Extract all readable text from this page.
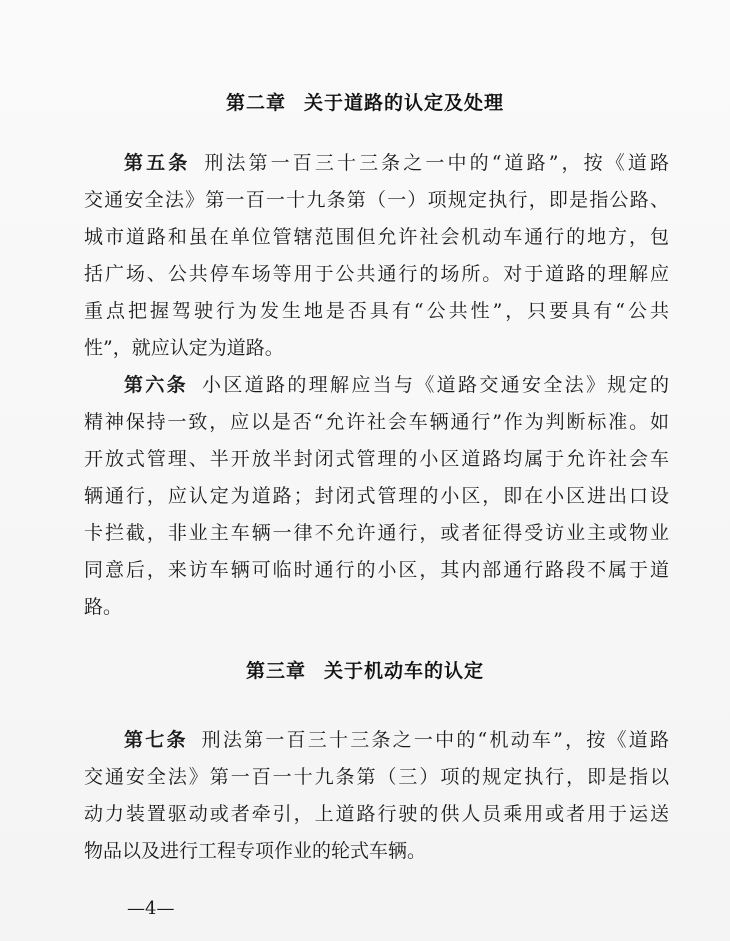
第二章 关于道路的认定及处理
第五条 刑法第一百三十三条之一中的“道路”，按《道路
交通安全法》第一百一十九条第（一）项规定执行，即是指公路、
城市道路和虽在单位管辖范围但允许社会机动车通行的地方，包
括广场、公共停车场等用于公共通行的场所。对于道路的理解应
重点把握驾驶行为发生地是否具有“公共性”，只要具有“公共
性”，就应认定为道路。
第六条 小区道路的理解应当与《道路交通安全法》规定的
精神保持一致，应以是否“允许社会车辆通行”作为判断标准。如
开放式管理、半开放半封闭式管理的小区道路均属于允许社会车
辆通行，应认定为道路；封闭式管理的小区，即在小区进出口设
卡拦截，非业主车辆一律不允许通行，或者征得受访业主或物业
同意后，来访车辆可临时通行的小区，其内部通行路段不属于道
路。
第三章 关于机动车的认定
第七条 刑法第一百三十三条之一中的“机动车”，按《道路
交通安全法》第一百一十九条第（三）项的规定执行，即是指以
动力装置驱动或者牵引，上道路行驶的供人员乘用或者用于运送
物品以及进行工程专项作业的轮式车辆。
—4—
